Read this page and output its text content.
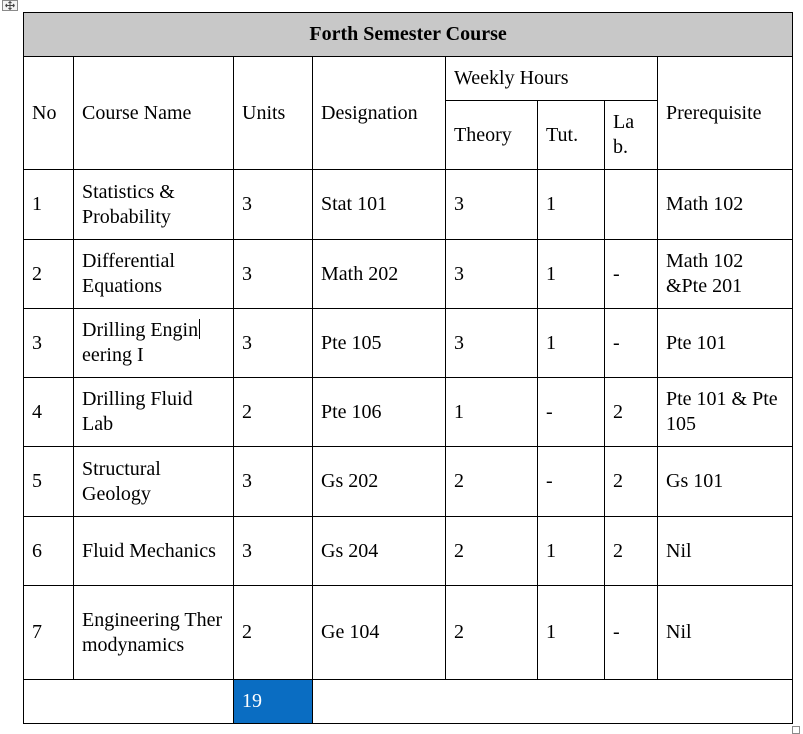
Forth Semester Course							
No	Course Name	Units	Designation	Weekly Hours			Prerequisite
				Theory	Tut.	La b.	
1	Statistics & Probability	3	Stat 101	3	1		Math 102
2	Differential Equations	3	Math 202	3	1	-	Math 102 &Pte 201
3	Drilling Engineering I	3	Pte 105	3	1	-	Pte 101
4	Drilling Fluid Lab	2	Pte 106	1	-	2	Pte 101 & Pte 105
5	Structural Geology	3	Gs 202	2	-	2	Gs 101
6	Fluid Mechanics	3	Gs 204	2	1	2	Nil
7	Engineering Thermodynamics	2	Ge 104	2	1	-	Nil
		19					
